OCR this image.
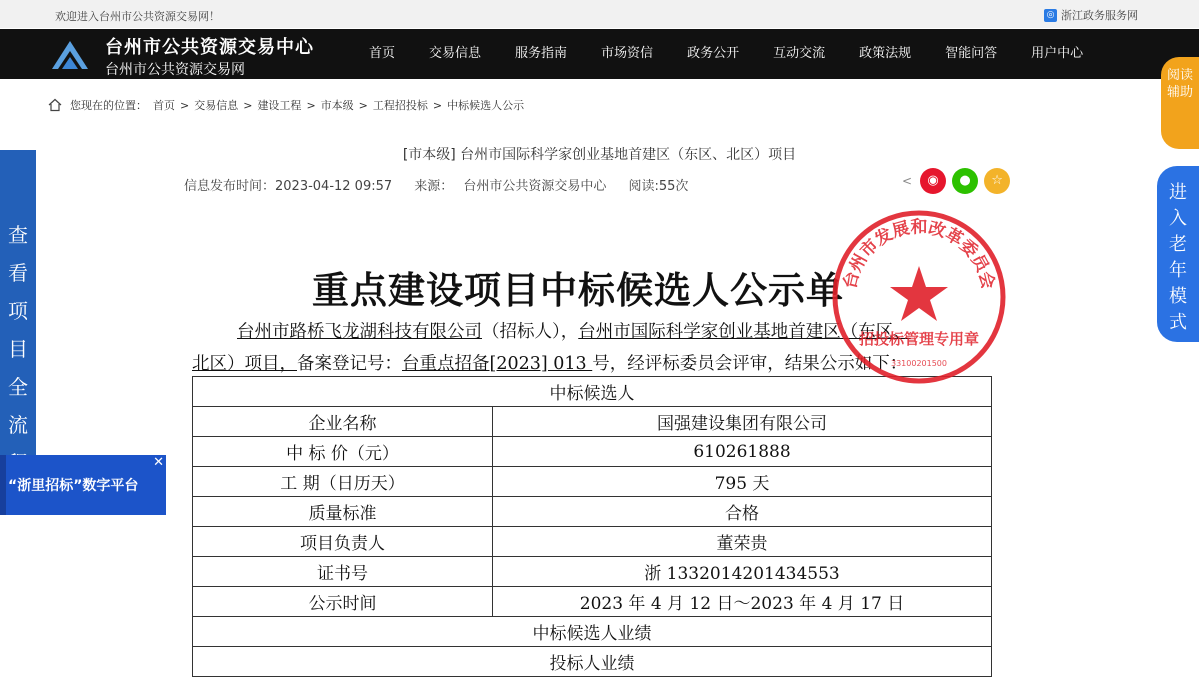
欢迎进入台州市公共资源交易网！	◎ 浙江政务服务网
台州市公共资源交易中心
台州市公共资源交易网
首页	交易信息	服务指南	市场资信	政务公开	互动交流	政策法规	智能问答	用户中心
您现在的位置： 首页 > 交易信息 > 建设工程 > 市本级 > 工程招投标 > 中标候选人公示
[市本级] 台州市国际科学家创业基地首建区（东区、北区）项目
信息发布时间：2023-04-12 09:57 来源： 台州市公共资源交易中心 阅读:55次	<	◉	●	☆
重点建设项目中标候选人公示单
台州市路桥飞龙湖科技有限公司（招标人），台州市国际科学家创业基地首建区（东区、
北区）项目，备案登记号：台重点招备[2023] 013 号，经评标委员会评审，结果公示如下：
中标候选人	
企业名称	国强建设集团有限公司
中 标 价（元）	610261888
工 期（日历天）	795 天
质量标准	合格
项目负责人	董荣贵
证书号	浙 1332014201434553
公示时间	2023 年 4 月 12 日～2023 年 4 月 17 日
中标候选人业绩	
投标人业绩	
台州市发展和改革委员会
招投标管理专用章
33100201500
查看项目全流
“浙里招标”数字平台
✕
阅读辅助
进入老年模式
